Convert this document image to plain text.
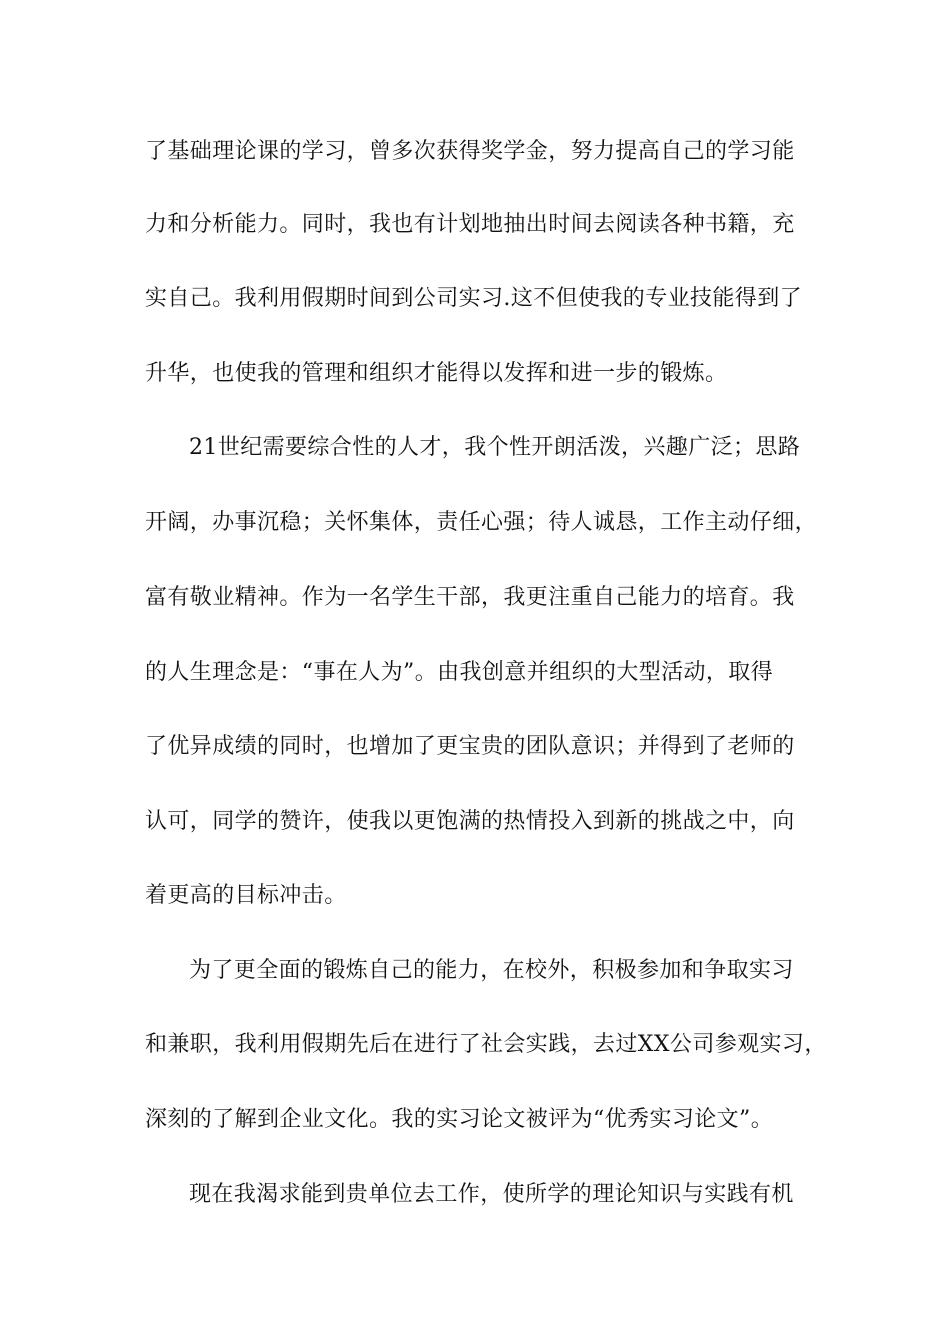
了基础理论课的学习，曾多次获得奖学金，努力提高自己的学习能
力和分析能力。同时，我也有计划地抽出时间去阅读各种书籍，充
实自己。我利用假期时间到公司实习.这不但使我的专业技能得到了
升华，也使我的管理和组织才能得以发挥和进一步的锻炼。
21世纪需要综合性的人才，我个性开朗活泼，兴趣广泛；思路
开阔，办事沉稳；关怀集体，责任心强；待人诚恳，工作主动仔细，
富有敬业精神。作为一名学生干部，我更注重自己能力的培育。我
的人生理念是：“事在人为”。由我创意并组织的大型活动，取得
了优异成绩的同时，也增加了更宝贵的团队意识；并得到了老师的
认可，同学的赞许，使我以更饱满的热情投入到新的挑战之中，向
着更高的目标冲击。
为了更全面的锻炼自己的能力，在校外，积极参加和争取实习
和兼职，我利用假期先后在进行了社会实践，去过XX公司参观实习，
深刻的了解到企业文化。我的实习论文被评为“优秀实习论文”。
现在我渴求能到贵单位去工作，使所学的理论知识与实践有机
